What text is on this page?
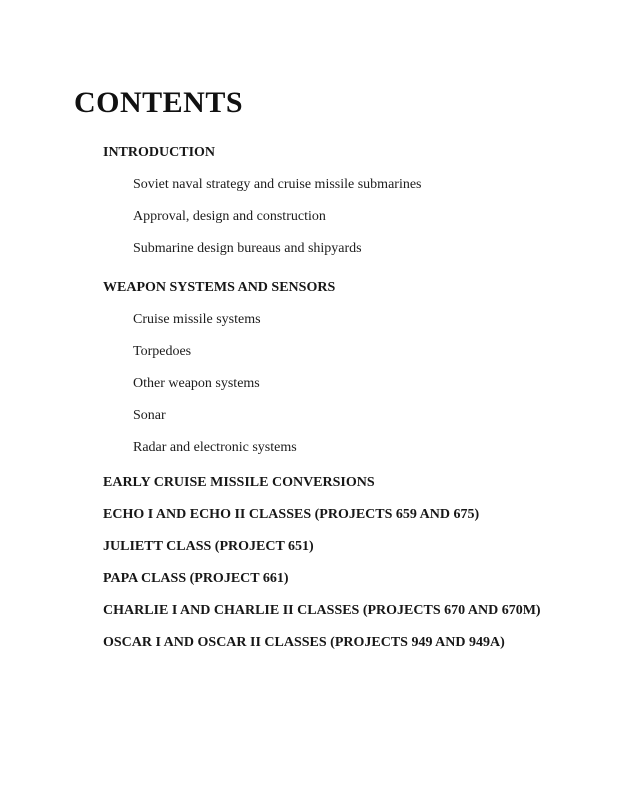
CONTENTS
INTRODUCTION

Soviet naval strategy and cruise missile submarines

Approval, design and construction

Submarine design bureaus and shipyards

WEAPON SYSTEMS AND SENSORS

Cruise missile systems

Torpedoes

Other weapon systems

Sonar

Radar and electronic systems

EARLY CRUISE MISSILE CONVERSIONS
ECHO I AND ECHO II CLASSES (PROJECTS 659 AND 675)
JULIETT CLASS (PROJECT 651)
PAPA CLASS (PROJECT 661)
CHARLIE I AND CHARLIE II CLASSES (PROJECTS 670 AND 670M)
OSCAR I AND OSCAR II CLASSES (PROJECTS 949 AND 949A)
